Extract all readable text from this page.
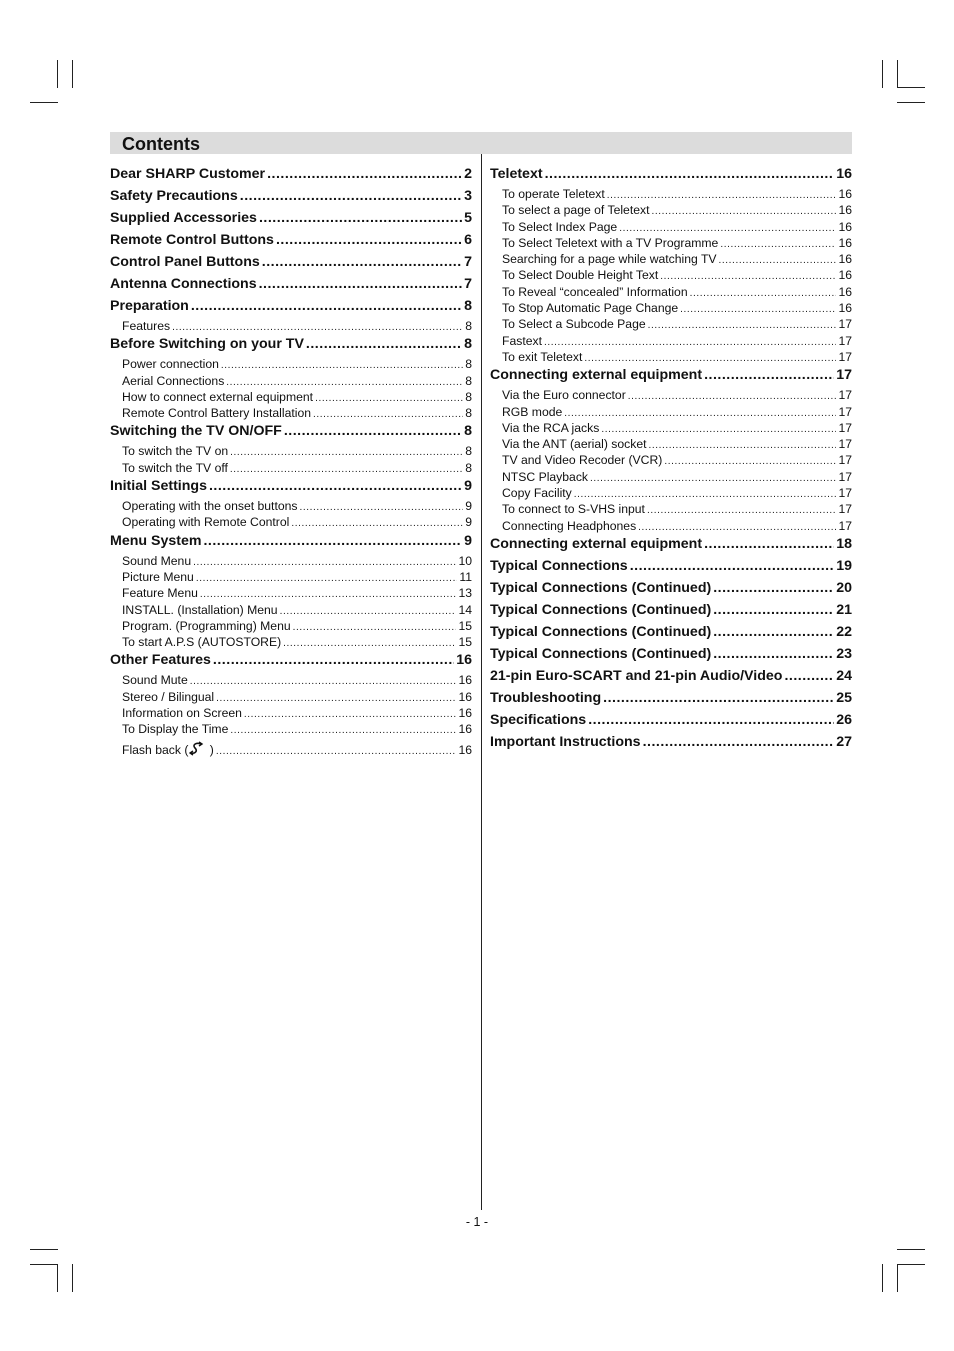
Contents
Dear SHARP Customer .....	2
Safety Precautions .....	3
Supplied Accessories .....	5
Remote Control Buttons .....	6
Control Panel Buttons .....	7
Antenna Connections .....	7
Preparation .....	8
Features .....	8
Before Switching on your TV .....	8
Power connection .....	8
Aerial Connections .....	8
How to connect external equipment .....	8
Remote Control Battery Installation .....	8
Switching the TV ON/OFF .....	8
To switch the TV on .....	8
To switch the TV off .....	8
Initial Settings .....	9
Operating with the onset buttons .....	9
Operating with Remote Control .....	9
Menu System .....	9
Sound Menu .....	10
Picture Menu .....	11
Feature Menu .....	13
INSTALL. (Installation) Menu .....	14
Program. (Programming) Menu .....	15
To start A.P.S (AUTOSTORE) .....	15
Other Features .....	16
Sound Mute .....	16
Stereo / Bilingual .....	16
Information on Screen .....	16
To Display the Time .....	16
Flash back ( ) .....	16
Teletext .....	16
To operate Teletext .....	16
To select a page of Teletext .....	16
To Select Index Page .....	16
To Select Teletext with a TV Programme .....	16
Searching for a page while watching TV .....	16
To Select Double Height Text .....	16
To Reveal “concealed” Information .....	16
To Stop Automatic Page Change .....	16
To Select a Subcode Page .....	17
Fastext .....	17
To exit Teletext .....	17
Connecting external equipment .....	17
Via the Euro connector .....	17
RGB mode .....	17
Via the RCA jacks .....	17
Via the ANT (aerial) socket .....	17
TV and Video Recoder (VCR) .....	17
NTSC Playback .....	17
Copy Facility .....	17
To connect to S-VHS input .....	17
Connecting Headphones .....	17
Connecting external equipment .....	18
Typical Connections .....	19
Typical Connections (Continued) .....	20
Typical Connections (Continued) .....	21
Typical Connections (Continued) .....	22
Typical Connections (Continued) .....	23
21-pin Euro-SCART and 21-pin Audio/Video .....	24
Troubleshooting .....	25
Specifications .....	26
Important Instructions .....	27
- 1 -
